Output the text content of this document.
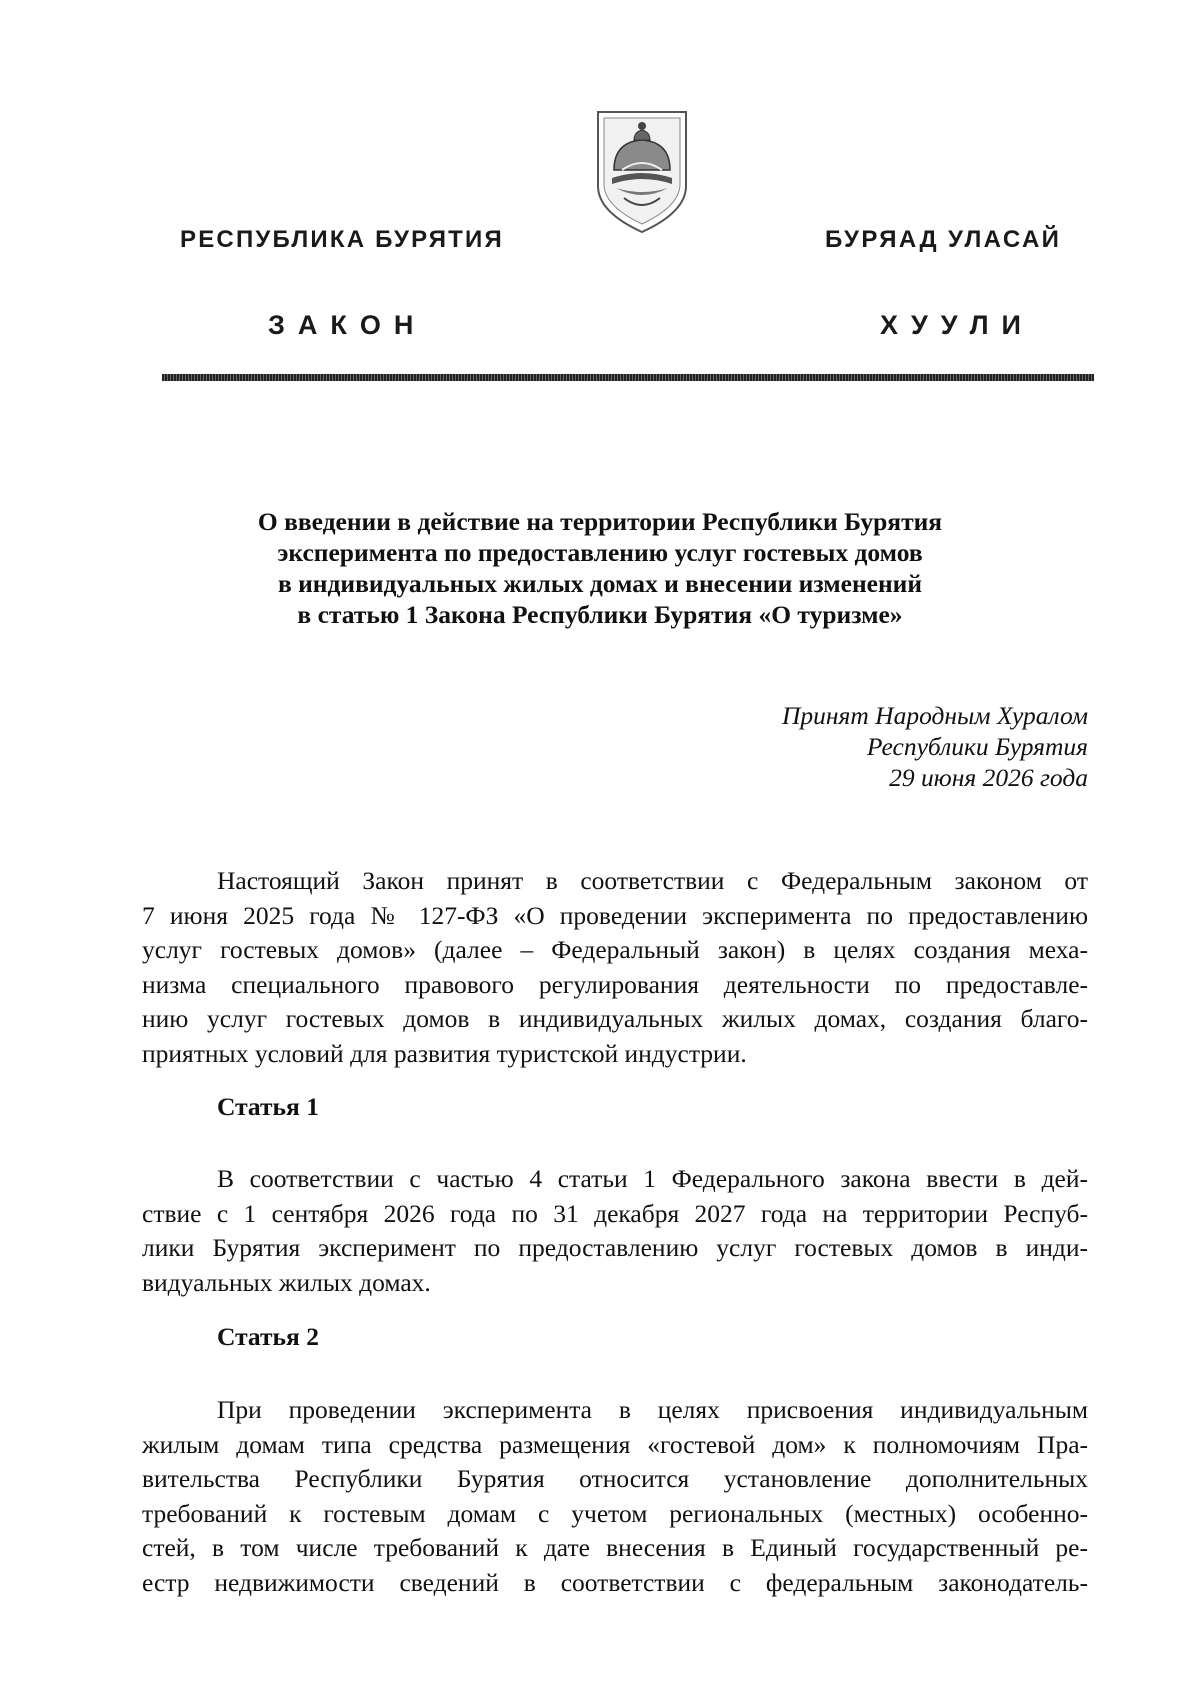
РЕСПУБЛИКА БУРЯТИЯ	БУРЯАД УЛАСАЙ

ЗАКОН	ХУУЛИ

О введении в действие на территории Республики Бурятия
эксперимента по предоставлению услуг гостевых домов
в индивидуальных жилых домах и внесении изменений
в статью 1 Закона Республики Бурятия «О туризме»

Принят Народным Хуралом
Республики Бурятия
29 июня 2026 года

Настоящий Закон принят в соответствии с Федеральным законом от
7 июня 2025 года № 127-ФЗ «О проведении эксперимента по предоставлению
услуг гостевых домов» (далее – Федеральный закон) в целях создания меха-
низма специального правового регулирования деятельности по предоставле-
нию услуг гостевых домов в индивидуальных жилых домах, создания благо-
приятных условий для развития туристской индустрии.
Статья 1
В соответствии с частью 4 статьи 1 Федерального закона ввести в дей-
ствие с 1 сентября 2026 года по 31 декабря 2027 года на территории Респуб-
лики Бурятия эксперимент по предоставлению услуг гостевых домов в инди-
видуальных жилых домах.
Статья 2
При проведении эксперимента в целях присвоения индивидуальным
жилым домам типа средства размещения «гостевой дом» к полномочиям Пра-
вительства Республики Бурятия относится установление дополнительных
требований к гостевым домам с учетом региональных (местных) особенно-
стей, в том числе требований к дате внесения в Единый государственный ре-
естр недвижимости сведений в соответствии с федеральным законодатель-
